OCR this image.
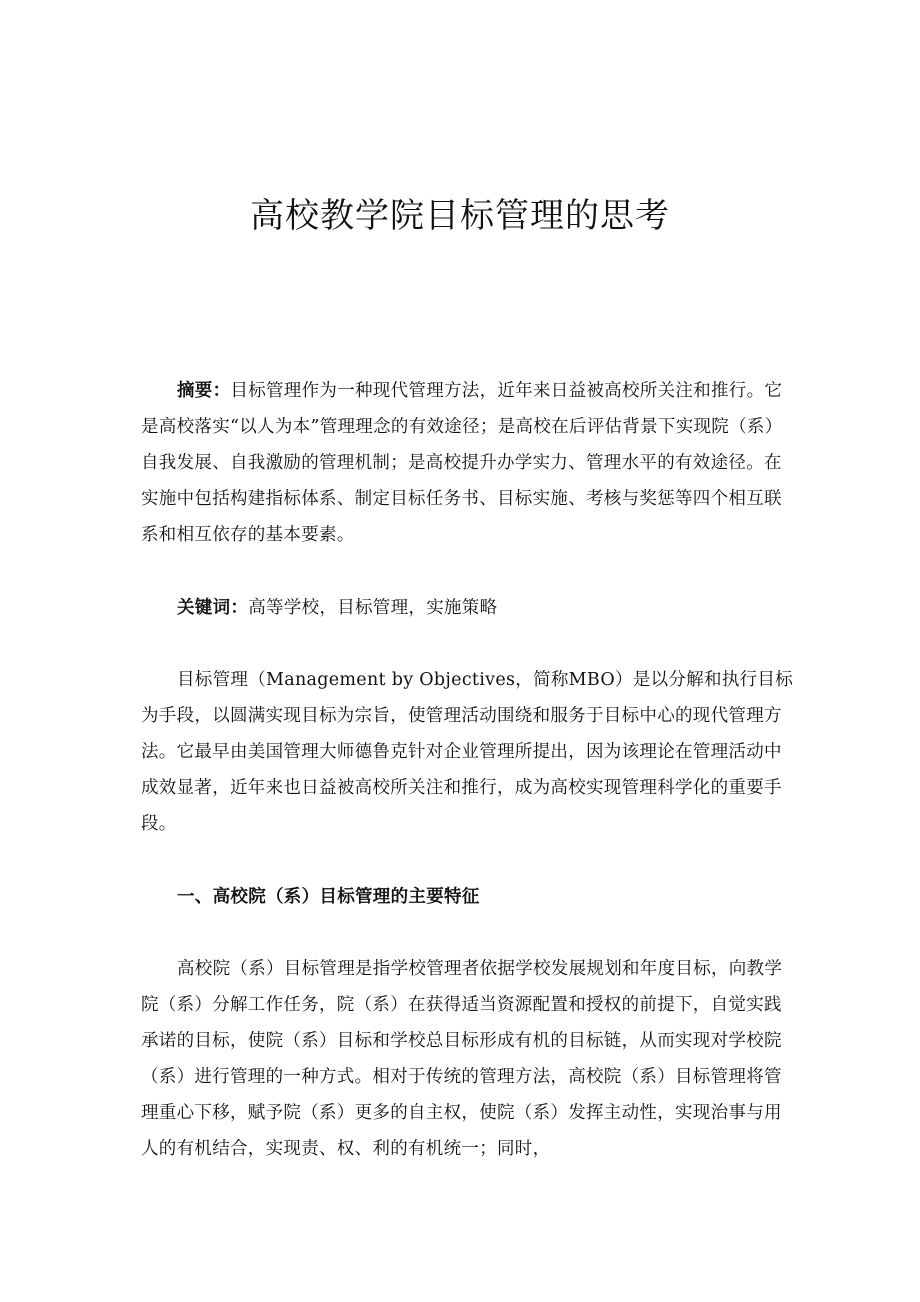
高校教学院目标管理的思考

摘要：目标管理作为一种现代管理方法，近年来日益被高校所关注和推行。它是高校落实“以人为本”管理理念的有效途径；是高校在后评估背景下实现院（系）自我发展、自我激励的管理机制；是高校提升办学实力、管理水平的有效途径。在实施中包括构建指标体系、制定目标任务书、目标实施、考核与奖惩等四个相互联系和相互依存的基本要素。

关键词：高等学校，目标管理，实施策略

目标管理（Management by Objectives，简称MBO）是以分解和执行目标为手段，以圆满实现目标为宗旨，使管理活动围绕和服务于目标中心的现代管理方法。它最早由美国管理大师德鲁克针对企业管理所提出，因为该理论在管理活动中成效显著，近年来也日益被高校所关注和推行，成为高校实现管理科学化的重要手段。

一、高校院（系）目标管理的主要特征

高校院（系）目标管理是指学校管理者依据学校发展规划和年度目标，向教学院（系）分解工作任务，院（系）在获得适当资源配置和授权的前提下，自觉实践承诺的目标，使院（系）目标和学校总目标形成有机的目标链，从而实现对学校院（系）进行管理的一种方式。相对于传统的管理方法，高校院（系）目标管理将管理重心下移，赋予院（系）更多的自主权，使院（系）发挥主动性，实现治事与用人的有机结合，实现责、权、利的有机统一；同时，
